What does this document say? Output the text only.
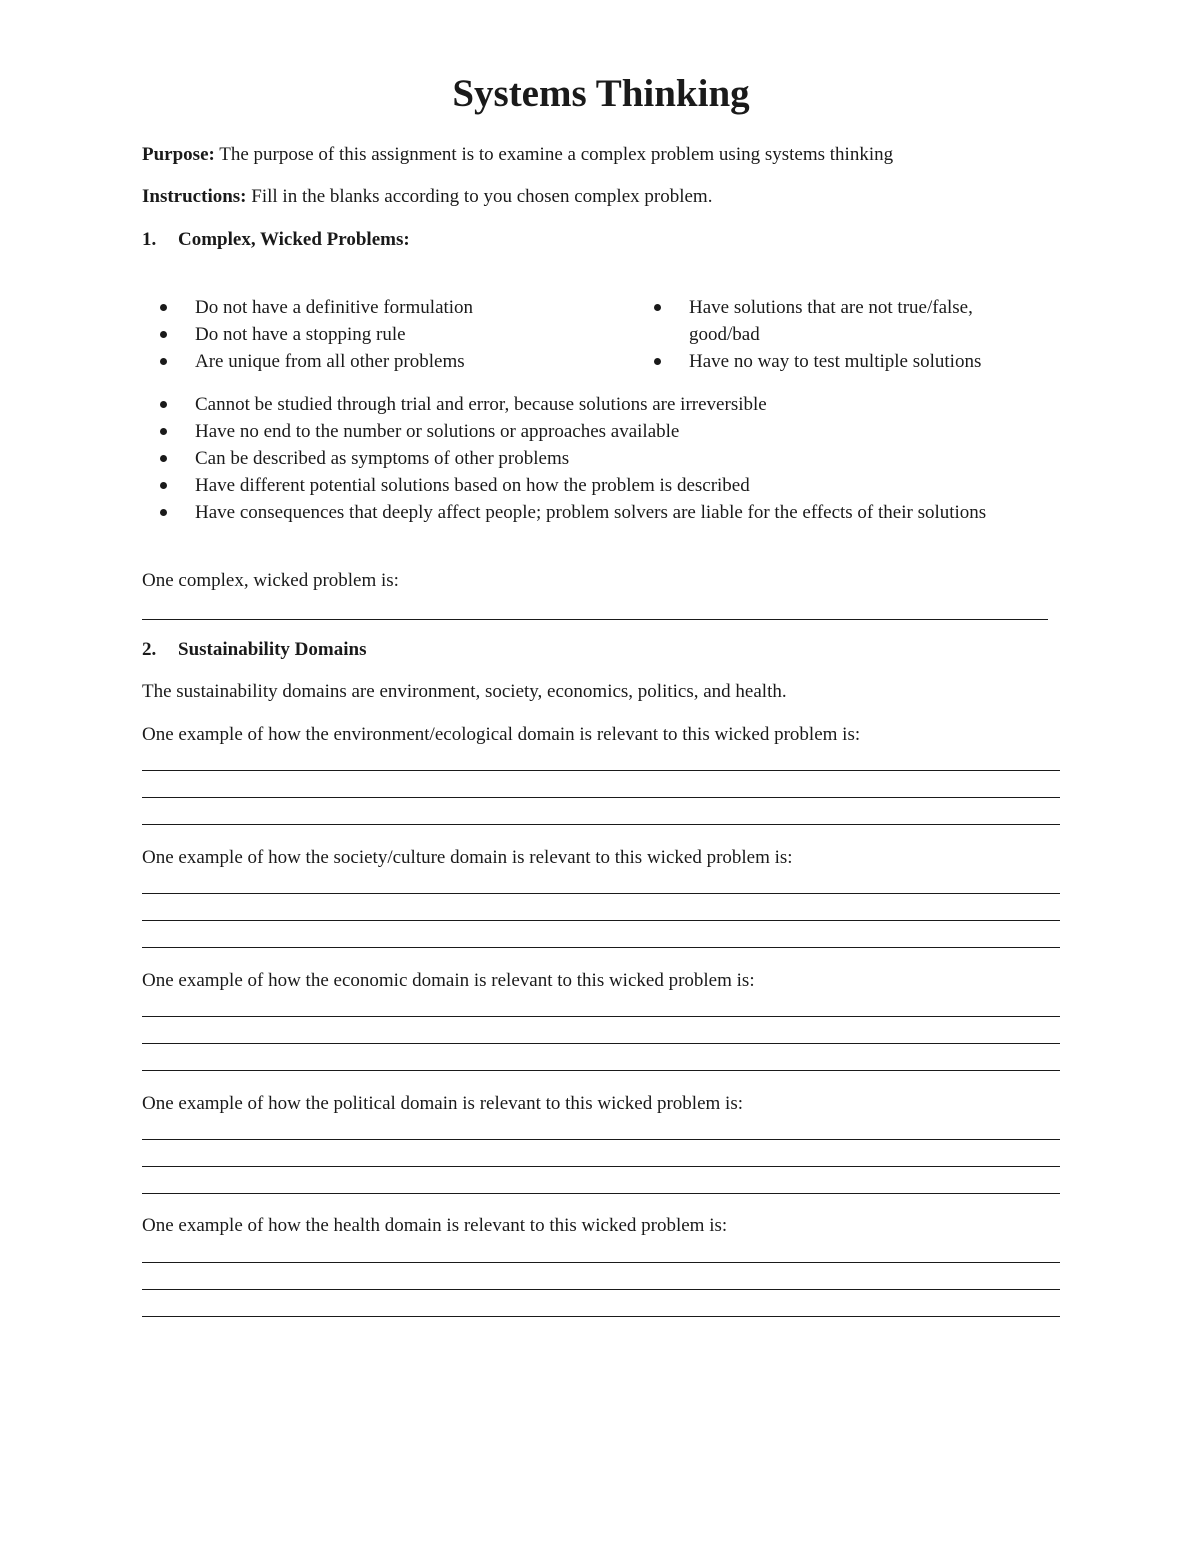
Systems Thinking

Purpose: The purpose of this assignment is to examine a complex problem using systems thinking

Instructions: Fill in the blanks according to you chosen complex problem.

1. Complex, Wicked Problems:

Do not have a definitive formulation
Do not have a stopping rule
Are unique from all other problems
Have solutions that are not true/false, good/bad
Have no way to test multiple solutions
Cannot be studied through trial and error, because solutions are irreversible
Have no end to the number or solutions or approaches available
Can be described as symptoms of other problems
Have different potential solutions based on how the problem is described
Have consequences that deeply affect people; problem solvers are liable for the effects of their solutions

One complex, wicked problem is:

2. Sustainability Domains

The sustainability domains are environment, society, economics, politics, and health.

One example of how the environment/ecological domain is relevant to this wicked problem is:

One example of how the society/culture domain is relevant to this wicked problem is:

One example of how the economic domain is relevant to this wicked problem is:

One example of how the political domain is relevant to this wicked problem is:

One example of how the health domain is relevant to this wicked problem is:
